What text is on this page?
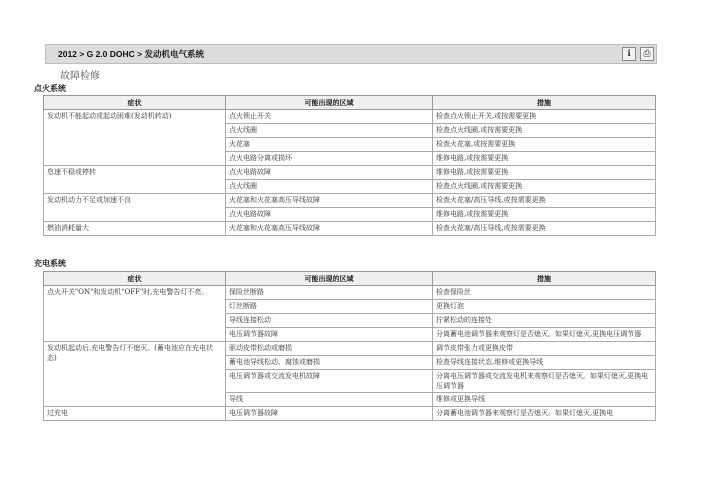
2012 > G 2.0 DOHC > 发动机电气系统	ℹ	⎙
故障检修
点火系统
症状	可能出现的区域	措施
发动机不能起动或起动困难(发动机转动)	点火锁止开关	检查点火锁止开关,或按需要更换
	点火线圈	检查点火线圈,或按需要更换
	火花塞	检查火花塞,或按需要更换
	点火电路分离或损坏	维修电路,或按需要更换
怠速不稳或停转	点火电路故障	维修电路,或按需要更换
	点火线圈	检查点火线圈,或按需要更换
发动机动力不足或加速不良	火花塞和火花塞高压导线故障	检查火花塞/高压导线,或按需要更换
	点火电路故障	维修电路,或按需要更换
燃油消耗量大	火花塞和火花塞高压导线故障	检查火花塞/高压导线,或按需要更换
充电系统
症状	可能出现的区域	措施
点火开关"ON"和发动机"OFF"时,充电警告灯不亮。	保险丝断路	检查保险丝
	灯丝断路	更换灯泡
	导线连接松动	拧紧松动的连接处
	电压调节器故障	分离蓄电池调节器来观察灯是否熄灭。如果灯熄灭,更换电压调节器
发动机起动后,充电警告灯不熄灭。(蓄电池应在充电状态)	驱动皮带松动或磨损	调节皮带张力或更换皮带
	蓄电池导线松动、腐蚀或磨损	检查导线连接状态,维修或更换导线
	电压调节器或交流发电机故障	分离电压调节器或交流发电机来观察灯是否熄灭。如果灯熄灭,更换电压调节器
	导线	维修或更换导线
过充电	电压调节器故障	分离蓄电池调节器来观察灯是否熄灭。如果灯熄灭,更换电
